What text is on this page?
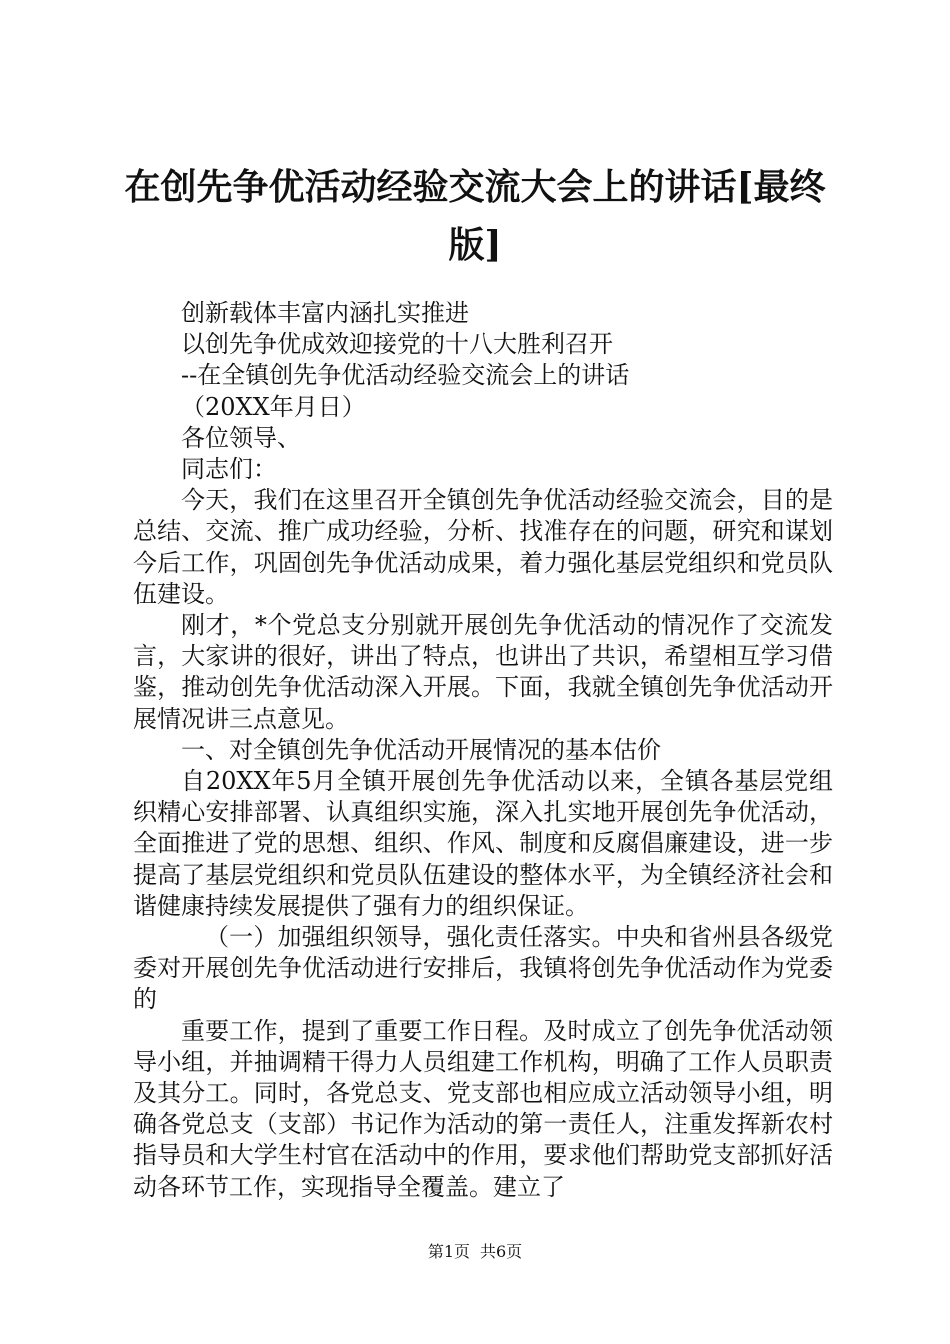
在创先争优活动经验交流大会上的讲话[最终版]

创新载体丰富内涵扎实推进

以创先争优成效迎接党的十八大胜利召开

--在全镇创先争优活动经验交流会上的讲话

（20XX年月日）

各位领导、

同志们：

今天，我们在这里召开全镇创先争优活动经验交流会，目的是总结、交流、推广成功经验，分析、找准存在的问题，研究和谋划今后工作，巩固创先争优活动成果，着力强化基层党组织和党员队伍建设。

刚才，*个党总支分别就开展创先争优活动的情况作了交流发言，大家讲的很好，讲出了特点，也讲出了共识，希望相互学习借鉴，推动创先争优活动深入开展。下面，我就全镇创先争优活动开展情况讲三点意见。

一、对全镇创先争优活动开展情况的基本估价

自20XX年5月全镇开展创先争优活动以来，全镇各基层党组织精心安排部署、认真组织实施，深入扎实地开展创先争优活动，全面推进了党的思想、组织、作风、制度和反腐倡廉建设，进一步提高了基层党组织和党员队伍建设的整体水平，为全镇经济社会和谐健康持续发展提供了强有力的组织保证。

（一）加强组织领导，强化责任落实。中央和省州县各级党委对开展创先争优活动进行安排后，我镇将创先争优活动作为党委的

重要工作，提到了重要工作日程。及时成立了创先争优活动领导小组，并抽调精干得力人员组建工作机构，明确了工作人员职责及其分工。同时，各党总支、党支部也相应成立活动领导小组，明确各党总支（支部）书记作为活动的第一责任人，注重发挥新农村指导员和大学生村官在活动中的作用，要求他们帮助党支部抓好活动各环节工作，实现指导全覆盖。建立了

第1页 共6页
